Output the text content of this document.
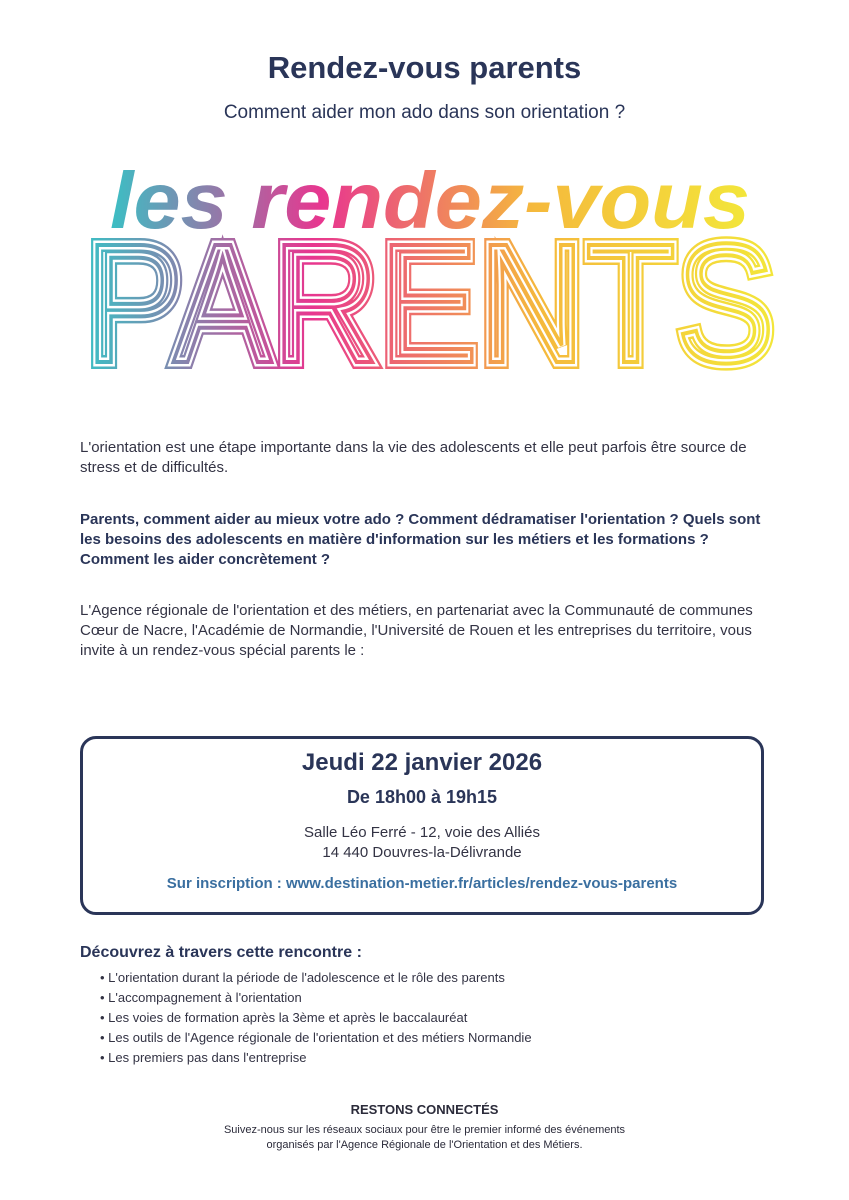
Rendez-vous parents
Comment aider mon ado dans son orientation ?
les rendez-vous
PARENTS
PARENTS
PARENTS
L'orientation est une étape importante dans la vie des adolescents et elle peut parfois être source de stress et de difficultés.
Parents, comment aider au mieux votre ado ? Comment dédramatiser l'orientation ? Quels sont les besoins des adolescents en matière d'information sur les métiers et les formations ? Comment les aider concrètement ?
L'Agence régionale de l'orientation et des métiers, en partenariat avec la Communauté de communes Cœur de Nacre, l'Académie de Normandie, l'Université de Rouen et les entreprises du territoire, vous invite à un rendez-vous spécial parents le :
Jeudi 22 janvier 2026
De 18h00 à 19h15
Salle Léo Ferré - 12, voie des Alliés
14 440 Douvres-la-Délivrande
Sur inscription : www.destination-metier.fr/articles/rendez-vous-parents
Découvrez à travers cette rencontre :
• L'orientation durant la période de l'adolescence et le rôle des parents
• L'accompagnement à l'orientation
• Les voies de formation après la 3ème et après le baccalauréat
• Les outils de l'Agence régionale de l'orientation et des métiers Normandie
• Les premiers pas dans l'entreprise
RESTONS CONNECTÉS
Suivez-nous sur les réseaux sociaux pour être le premier informé des événements
organisés par l'Agence Régionale de l'Orientation et des Métiers.
